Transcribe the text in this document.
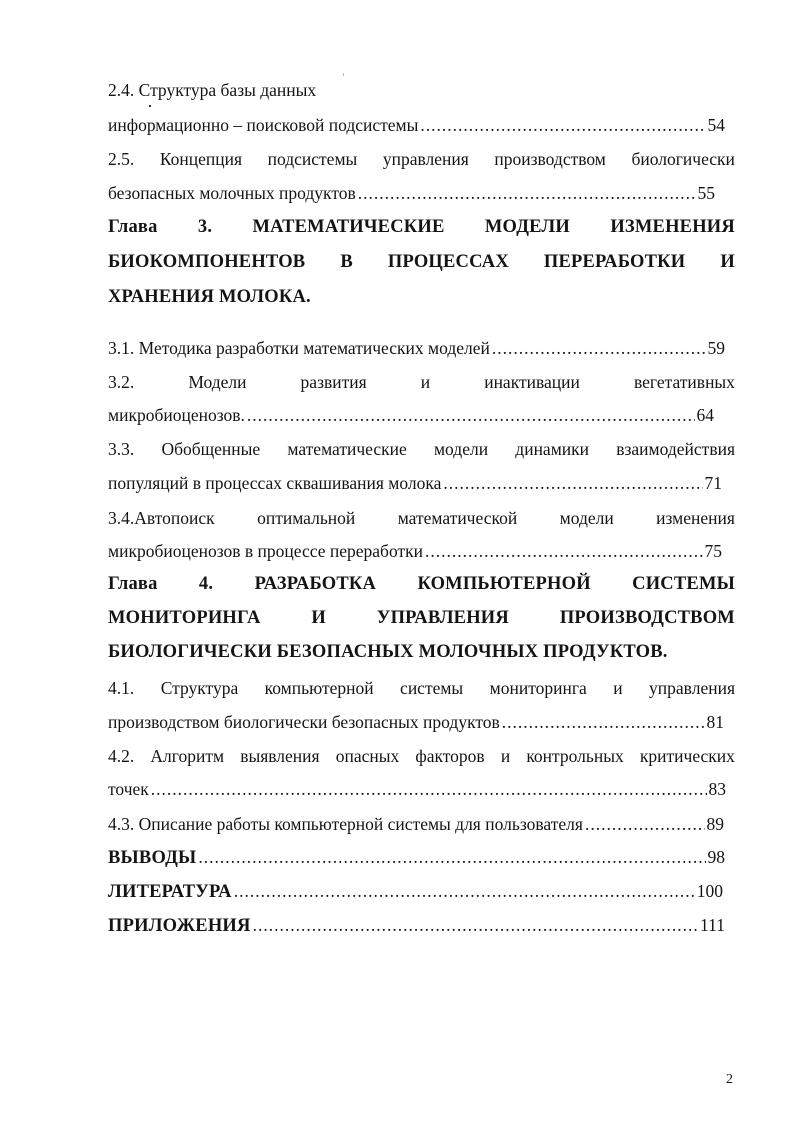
2.4. Структура базы данных
информационно – поисковой подсистемы .....	54
2.5. Концепция подсистемы управления производством биологически
безопасных молочных продуктов .....	55
Глава 3. МАТЕМАТИЧЕСКИЕ МОДЕЛИ ИЗМЕНЕНИЯ
БИОКОМПОНЕНТОВ В ПРОЦЕССАХ ПЕРЕРАБОТКИ И
ХРАНЕНИЯ МОЛОКА.
3.1. Методика разработки математических моделей .....	59
3.2.	Модели	развития	и	инактивации	вегетативных
микробиоценозов. .....	64
3.3. Обобщенные математические модели динамики взаимодействия
популяций в процессах сквашивания молока .....	71
3.4.Автопоиск оптимальной математической модели изменения
микробиоценозов в процессе переработки .....	75
Глава 4. РАЗРАБОТКА КОМПЬЮТЕРНОЙ СИСТЕМЫ
МОНИТОРИНГА	И	УПРАВЛЕНИЯ	ПРОИЗВОДСТВОМ
БИОЛОГИЧЕСКИ БЕЗОПАСНЫХ МОЛОЧНЫХ ПРОДУКТОВ.
4.1. Структура компьютерной системы мониторинга и управления
производством биологически безопасных продуктов .....	81
4.2. Алгоритм выявления опасных факторов и контрольных критических
точек .....	83
4.3. Описание работы компьютерной системы для пользователя .....	89
ВЫВОДЫ .....	98
ЛИТЕРАТУРА .....	100
ПРИЛОЖЕНИЯ .....	111
2
